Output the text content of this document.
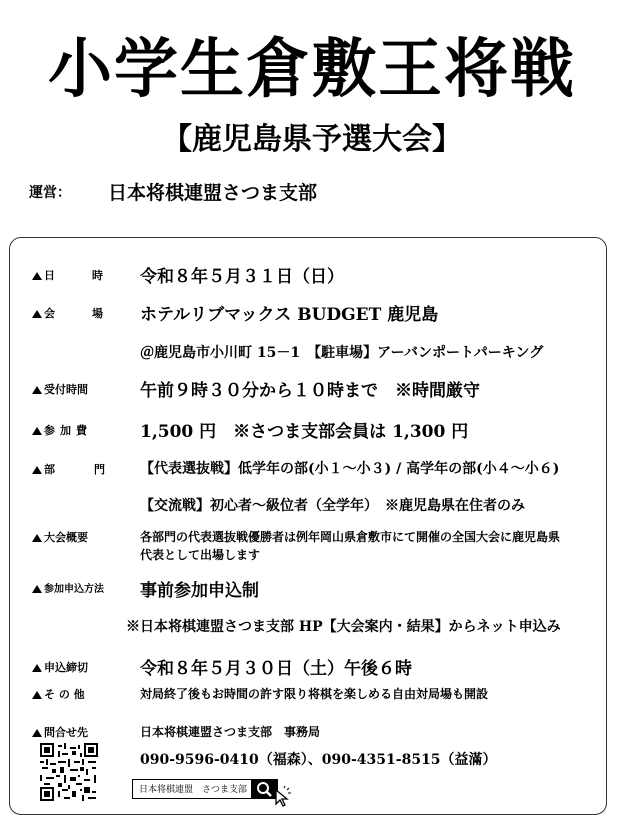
小学生倉敷王将戦
【鹿児島県予選大会】
運営：	日本将棋連盟さつま支部
日　　時	令和８年５月３１日（日）
会　　場	ホテルリブマックス BUDGET 鹿児島
＠鹿児島市小川町 15－1　【駐車場】アーバンポートパーキング
受付時間	午前９時３０分から１０時まで　※時間厳守
参加費	1,500 円　※さつま支部会員は 1,300 円
部　門	【代表選抜戦】低学年の部(小１～小３) / 高学年の部(小４～小６)
【交流戦】初心者～級位者（全学年）　※鹿児島県在住者のみ
大会概要	各部門の代表選抜戦優勝者は例年岡山県倉敷市にて開催の全国大会に鹿児島県
代表として出場します
参加申込方法	事前参加申込制
※日本将棋連盟さつま支部 HP【大会案内・結果】からネット申込み
申込締切	令和８年５月３０日（土）午後６時
そ の 他	対局終了後もお時間の許す限り将棋を楽しめる自由対局場も開設
問合せ先	日本将棋連盟さつま支部　事務局
090-9596-0410（福森）、090-4351-8515（益滿）
日本将棋連盟　さつま支部
